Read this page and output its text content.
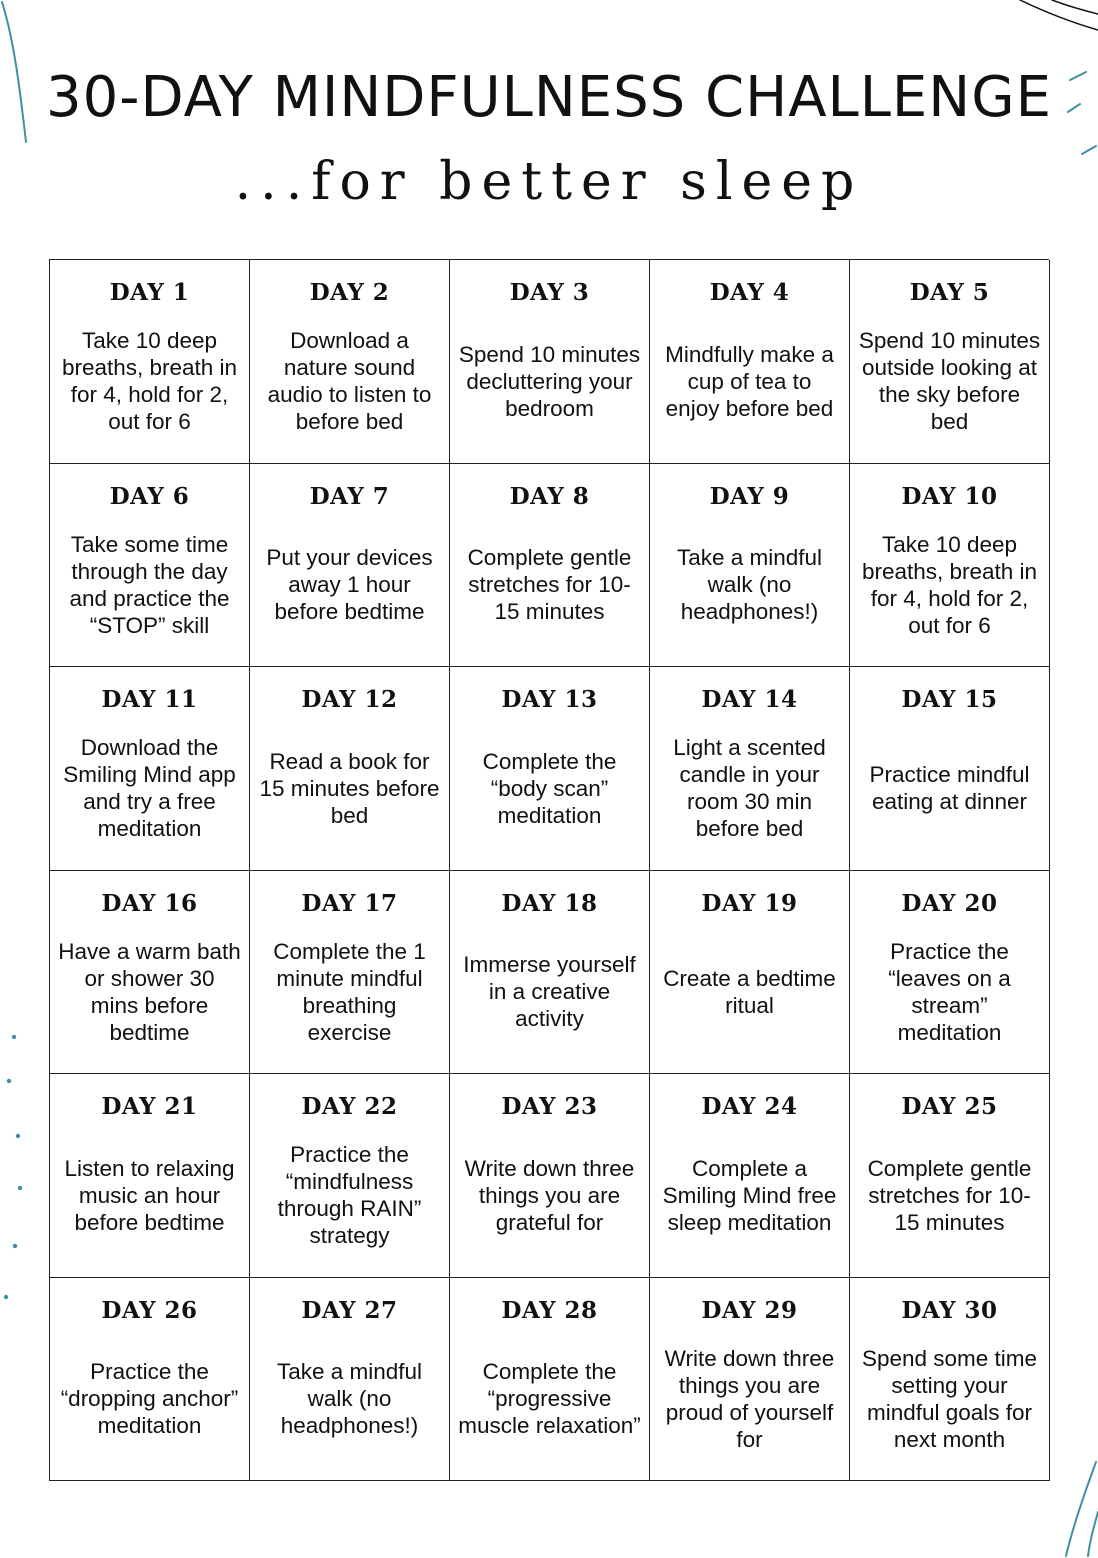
30-DAY MINDFULNESS CHALLENGE
...for better sleep
DAY 1
Take 10 deep breaths, breath in for 4, hold for 2, out for 6
DAY 2
Download a nature sound audio to listen to before bed
DAY 3
Spend 10 minutes decluttering your bedroom
DAY 4
Mindfully make a cup of tea to enjoy before bed
DAY 5
Spend 10 minutes outside looking at the sky before bed
DAY 6
Take some time through the day and practice the “STOP” skill
DAY 7
Put your devices away 1 hour before bedtime
DAY 8
Complete gentle stretches for 10-15 minutes
DAY 9
Take a mindful walk (no headphones!)
DAY 10
Take 10 deep breaths, breath in for 4, hold for 2, out for 6
DAY 11
Download the Smiling Mind app and try a free meditation
DAY 12
Read a book for 15 minutes before bed
DAY 13
Complete the “body scan” meditation
DAY 14
Light a scented candle in your room 30 min before bed
DAY 15
Practice mindful eating at dinner
DAY 16
Have a warm bath or shower 30 mins before bedtime
DAY 17
Complete the 1 minute mindful breathing exercise
DAY 18
Immerse yourself in a creative activity
DAY 19
Create a bedtime ritual
DAY 20
Practice the “leaves on a stream” meditation
DAY 21
Listen to relaxing music an hour before bedtime
DAY 22
Practice the “mindfulness through RAIN” strategy
DAY 23
Write down three things you are grateful for
DAY 24
Complete a Smiling Mind free sleep meditation
DAY 25
Complete gentle stretches for 10-15 minutes
DAY 26
Practice the “dropping anchor” meditation
DAY 27
Take a mindful walk (no headphones!)
DAY 28
Complete the “progressive muscle relaxation”
DAY 29
Write down three things you are proud of yourself for
DAY 30
Spend some time setting your mindful goals for next month
